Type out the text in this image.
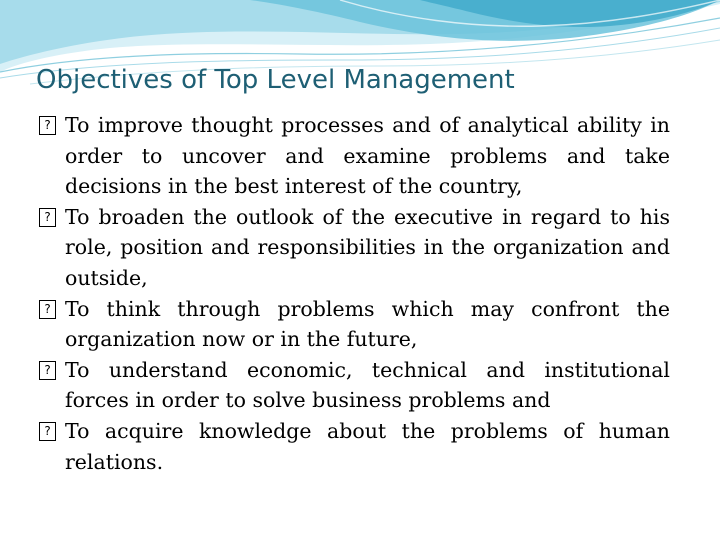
Objectives of Top Level Management
?
To improve thought processes and of analytical ability in order to uncover and examine problems and take decisions in the best interest of the country,
?
To broaden the outlook of the executive in regard to his role, position and responsibilities in the organization and outside,
?
To think through problems which may confront the organization now or in the future,
?
To understand economic, technical and institutional forces in order to solve business problems and
?
To acquire knowledge about the problems of human relations.
